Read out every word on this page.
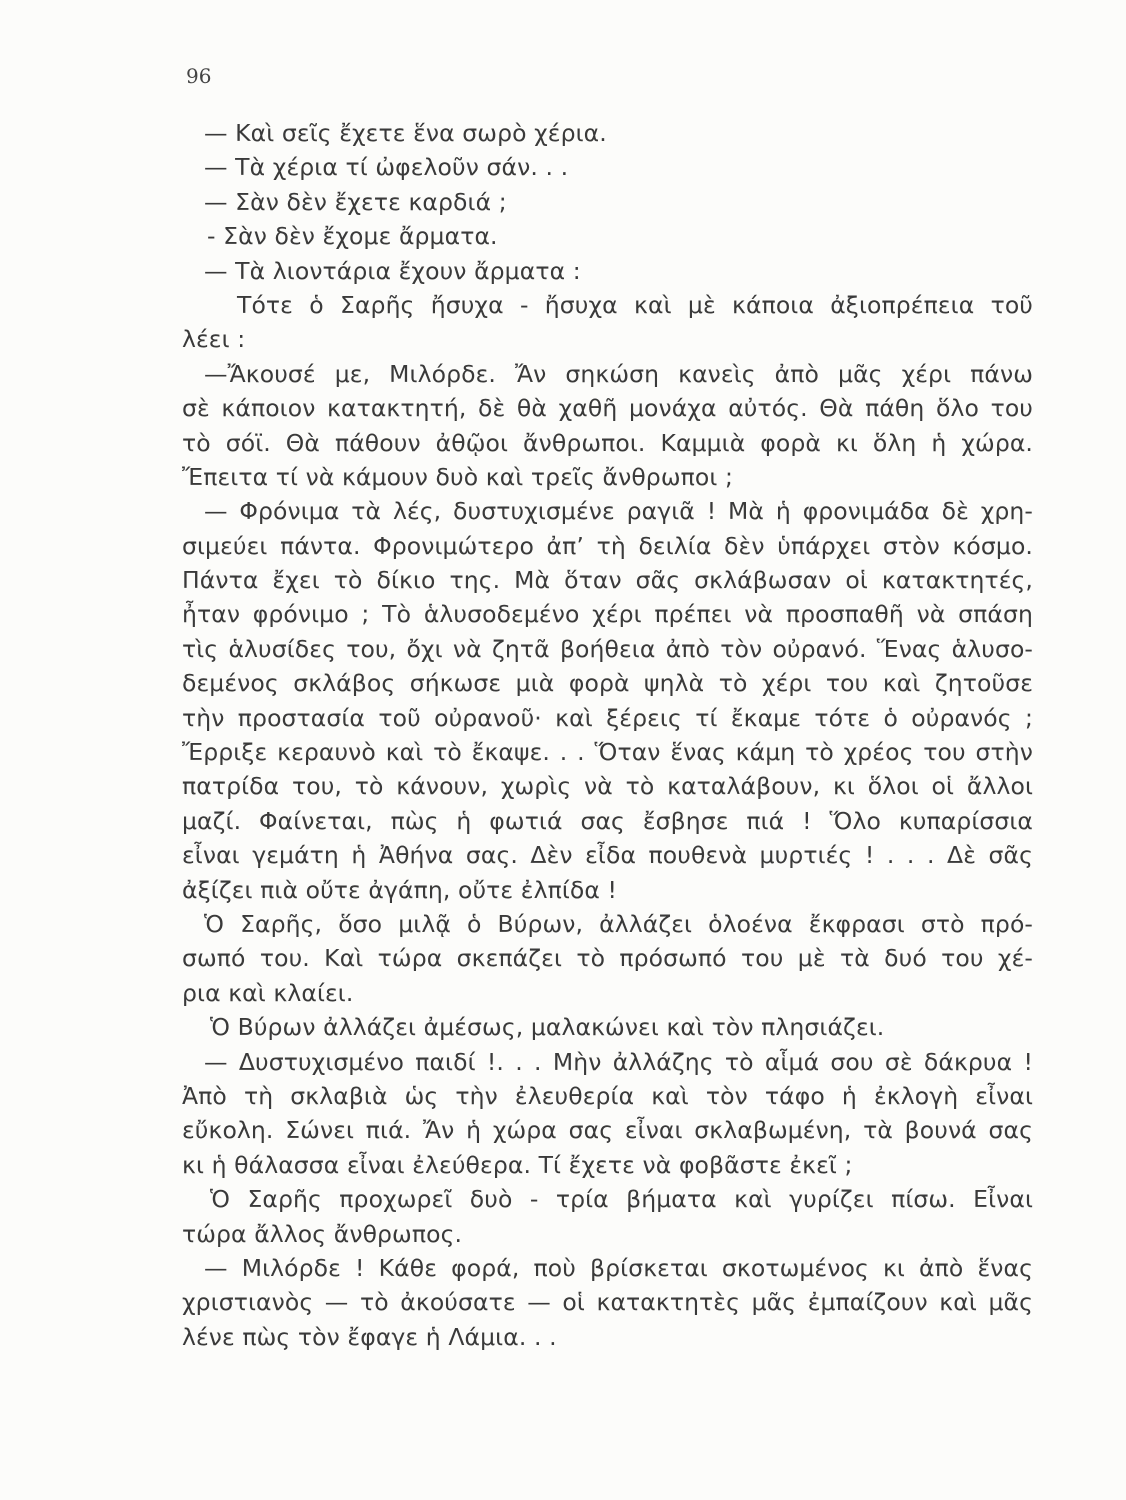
96
— Καὶ σεῖς ἔχετε ἕνα σωρὸ χέρια.
— Τὰ χέρια τί ὠφελοῦν σάν. . .
— Σὰν δὲν ἔχετε καρδιά ;
- Σὰν δὲν ἔχομε ἄρματα.
— Τὰ λιοντάρια ἔχουν ἄρματα :
Τότε ὁ Σαρῆς ἤσυχα - ἤσυχα καὶ μὲ κάποια ἀξιοπρέπεια τοῦ
λέει :
—Ἄκουσέ με, Μιλόρδε. Ἄν σηκώση κανεὶς ἀπὸ μᾶς χέρι πάνω
σὲ κάποιον κατακτητή, δὲ θὰ χαθῆ μονάχα αὐτός. Θὰ πάθη ὅλο του
τὸ σόϊ. Θὰ πάθουν ἀθῷοι ἄνθρωποι. Καμμιὰ φορὰ κι ὅλη ἡ χώρα.
Ἔπειτα τί νὰ κάμουν δυὸ καὶ τρεῖς ἄνθρωποι ;
— Φρόνιμα τὰ λές, δυστυχισμένε ραγιᾶ ! Μὰ ἡ φρονιμάδα δὲ χρη-
σιμεύει πάντα. Φρονιμώτερο ἀπ’ τὴ δειλία δὲν ὑπάρχει στὸν κόσμο.
Πάντα ἔχει τὸ δίκιο της. Μὰ ὅταν σᾶς σκλάβωσαν οἱ κατακτητές,
ἦταν φρόνιμο ; Τὸ ἁλυσοδεμένο χέρι πρέπει νὰ προσπαθῆ νὰ σπάση
τὶς ἁλυσίδες του, ὄχι νὰ ζητᾶ βοήθεια ἀπὸ τὸν οὐρανό. Ἕνας ἁλυσο-
δεμένος σκλάβος σήκωσε μιὰ φορὰ ψηλὰ τὸ χέρι του καὶ ζητοῦσε
τὴν προστασία τοῦ οὐρανοῦ· καὶ ξέρεις τί ἔκαμε τότε ὁ οὐρανός ;
Ἔρριξε κεραυνὸ καὶ τὸ ἔκαψε. . . Ὅταν ἕνας κάμη τὸ χρέος του στὴν
πατρίδα του, τὸ κάνουν, χωρὶς νὰ τὸ καταλάβουν, κι ὅλοι οἱ ἄλλοι
μαζί. Φαίνεται, πὼς ἡ φωτιά σας ἔσβησε πιά ! Ὅλο κυπαρίσσια
εἶναι γεμάτη ἡ Ἀθήνα σας. Δὲν εἶδα πουθενὰ μυρτιές ! . . . Δὲ σᾶς
ἀξίζει πιὰ οὔτε ἀγάπη, οὔτε ἐλπίδα !
Ὁ Σαρῆς, ὅσο μιλᾷ ὁ Βύρων, ἀλλάζει ὁλοένα ἔκφρασι στὸ πρό-
σωπό του. Καὶ τώρα σκεπάζει τὸ πρόσωπό του μὲ τὰ δυό του χέ-
ρια καὶ κλαίει.
Ὁ Βύρων ἀλλάζει ἀμέσως, μαλακώνει καὶ τὸν πλησιάζει.
— Δυστυχισμένο παιδί !. . . Μὴν ἀλλάζης τὸ αἷμά σου σὲ δάκρυα !
Ἀπὸ τὴ σκλαβιὰ ὡς τὴν ἐλευθερία καὶ τὸν τάφο ἡ ἐκλογὴ εἶναι
εὔκολη. Σώνει πιά. Ἄν ἡ χώρα σας εἶναι σκλαβωμένη, τὰ βουνά σας
κι ἡ θάλασσα εἶναι ἐλεύθερα. Τί ἔχετε νὰ φοβᾶστε ἐκεῖ ;
Ὁ Σαρῆς προχωρεῖ δυὸ - τρία βήματα καὶ γυρίζει πίσω. Εἶναι
τώρα ἄλλος ἄνθρωπος.
— Μιλόρδε ! Κάθε φορά, ποὺ βρίσκεται σκοτωμένος κι ἀπὸ ἕνας
χριστιανὸς — τὸ ἀκούσατε — οἱ κατακτητὲς μᾶς ἐμπαίζουν καὶ μᾶς
λένε πὼς τὸν ἔφαγε ἡ Λάμια. . .
